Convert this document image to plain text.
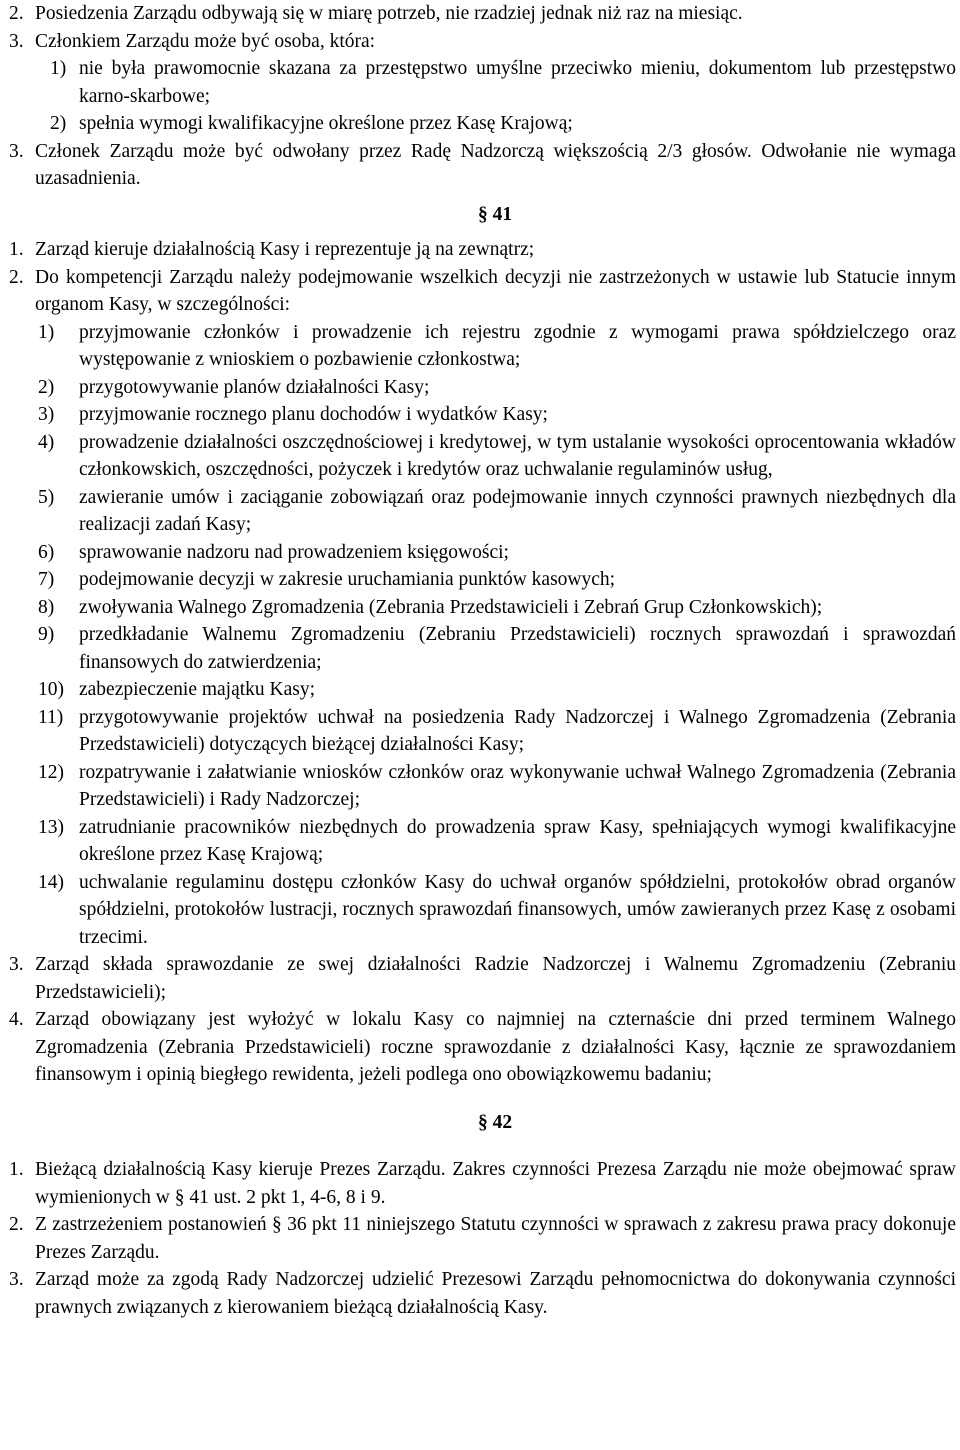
2. Posiedzenia Zarządu odbywają się w miarę potrzeb, nie rzadziej jednak niż raz na miesiąc.
3. Członkiem Zarządu może być osoba, która:
1) nie była prawomocnie skazana za przestępstwo umyślne przeciwko mieniu, dokumentom lub przestępstwo karno-skarbowe;
2) spełnia wymogi kwalifikacyjne określone przez Kasę Krajową;
3. Członek Zarządu może być odwołany przez Radę Nadzorczą większością 2/3 głosów. Odwołanie nie wymaga uzasadnienia.
§ 41
1. Zarząd kieruje działalnością Kasy i reprezentuje ją na zewnątrz;
2. Do kompetencji Zarządu należy podejmowanie wszelkich decyzji nie zastrzeżonych w ustawie lub Statucie innym organom Kasy, w szczególności:
1)	przyjmowanie członków i prowadzenie ich rejestru zgodnie z wymogami prawa spółdzielczego oraz występowanie z wnioskiem o pozbawienie członkostwa;
2)	przygotowywanie planów działalności Kasy;
3)	przyjmowanie rocznego planu dochodów i wydatków Kasy;
4)	prowadzenie działalności oszczędnościowej i kredytowej, w tym ustalanie wysokości oprocentowania wkładów członkowskich, oszczędności, pożyczek i kredytów oraz uchwalanie regulaminów usług,
5)	zawieranie umów i zaciąganie zobowiązań oraz podejmowanie innych czynności prawnych niezbędnych dla realizacji zadań Kasy;
6)	sprawowanie nadzoru nad prowadzeniem księgowości;
7)	podejmowanie decyzji w zakresie uruchamiania punktów kasowych;
8)	zwoływania Walnego Zgromadzenia (Zebrania Przedstawicieli i Zebrań Grup Członkowskich);
9)	przedkładanie Walnemu Zgromadzeniu (Zebraniu Przedstawicieli) rocznych sprawozdań i sprawozdań finansowych do zatwierdzenia;
10) zabezpieczenie majątku Kasy;
11) przygotowywanie projektów uchwał na posiedzenia Rady Nadzorczej i Walnego Zgromadzenia (Zebrania Przedstawicieli) dotyczących bieżącej działalności Kasy;
12) rozpatrywanie i załatwianie wniosków członków oraz wykonywanie uchwał Walnego Zgromadzenia (Zebrania Przedstawicieli) i Rady Nadzorczej;
13) zatrudnianie pracowników niezbędnych do prowadzenia spraw Kasy, spełniających wymogi kwalifikacyjne określone przez Kasę Krajową;
14) uchwalanie regulaminu dostępu członków Kasy do uchwał organów spółdzielni, protokołów obrad organów spółdzielni, protokołów lustracji, rocznych sprawozdań finansowych, umów zawieranych przez Kasę z osobami trzecimi.
3. Zarząd składa sprawozdanie ze swej działalności Radzie Nadzorczej i Walnemu Zgromadzeniu (Zebraniu Przedstawicieli);
4. Zarząd obowiązany jest wyłożyć w lokalu Kasy co najmniej na czternaście dni przed terminem Walnego Zgromadzenia (Zebrania Przedstawicieli) roczne sprawozdanie z działalności Kasy, łącznie ze sprawozdaniem finansowym i opinią biegłego rewidenta, jeżeli podlega ono obowiązkowemu badaniu;
§ 42
1. Bieżącą działalnością Kasy kieruje Prezes Zarządu. Zakres czynności Prezesa Zarządu nie może obejmować spraw wymienionych w § 41 ust. 2 pkt 1, 4-6, 8 i 9.
2. Z zastrzeżeniem postanowień § 36 pkt 11 niniejszego Statutu czynności w sprawach z zakresu prawa pracy dokonuje Prezes Zarządu.
3. Zarząd może za zgodą Rady Nadzorczej udzielić Prezesowi Zarządu pełnomocnictwa do dokonywania czynności prawnych związanych z kierowaniem bieżącą działalnością Kasy.
